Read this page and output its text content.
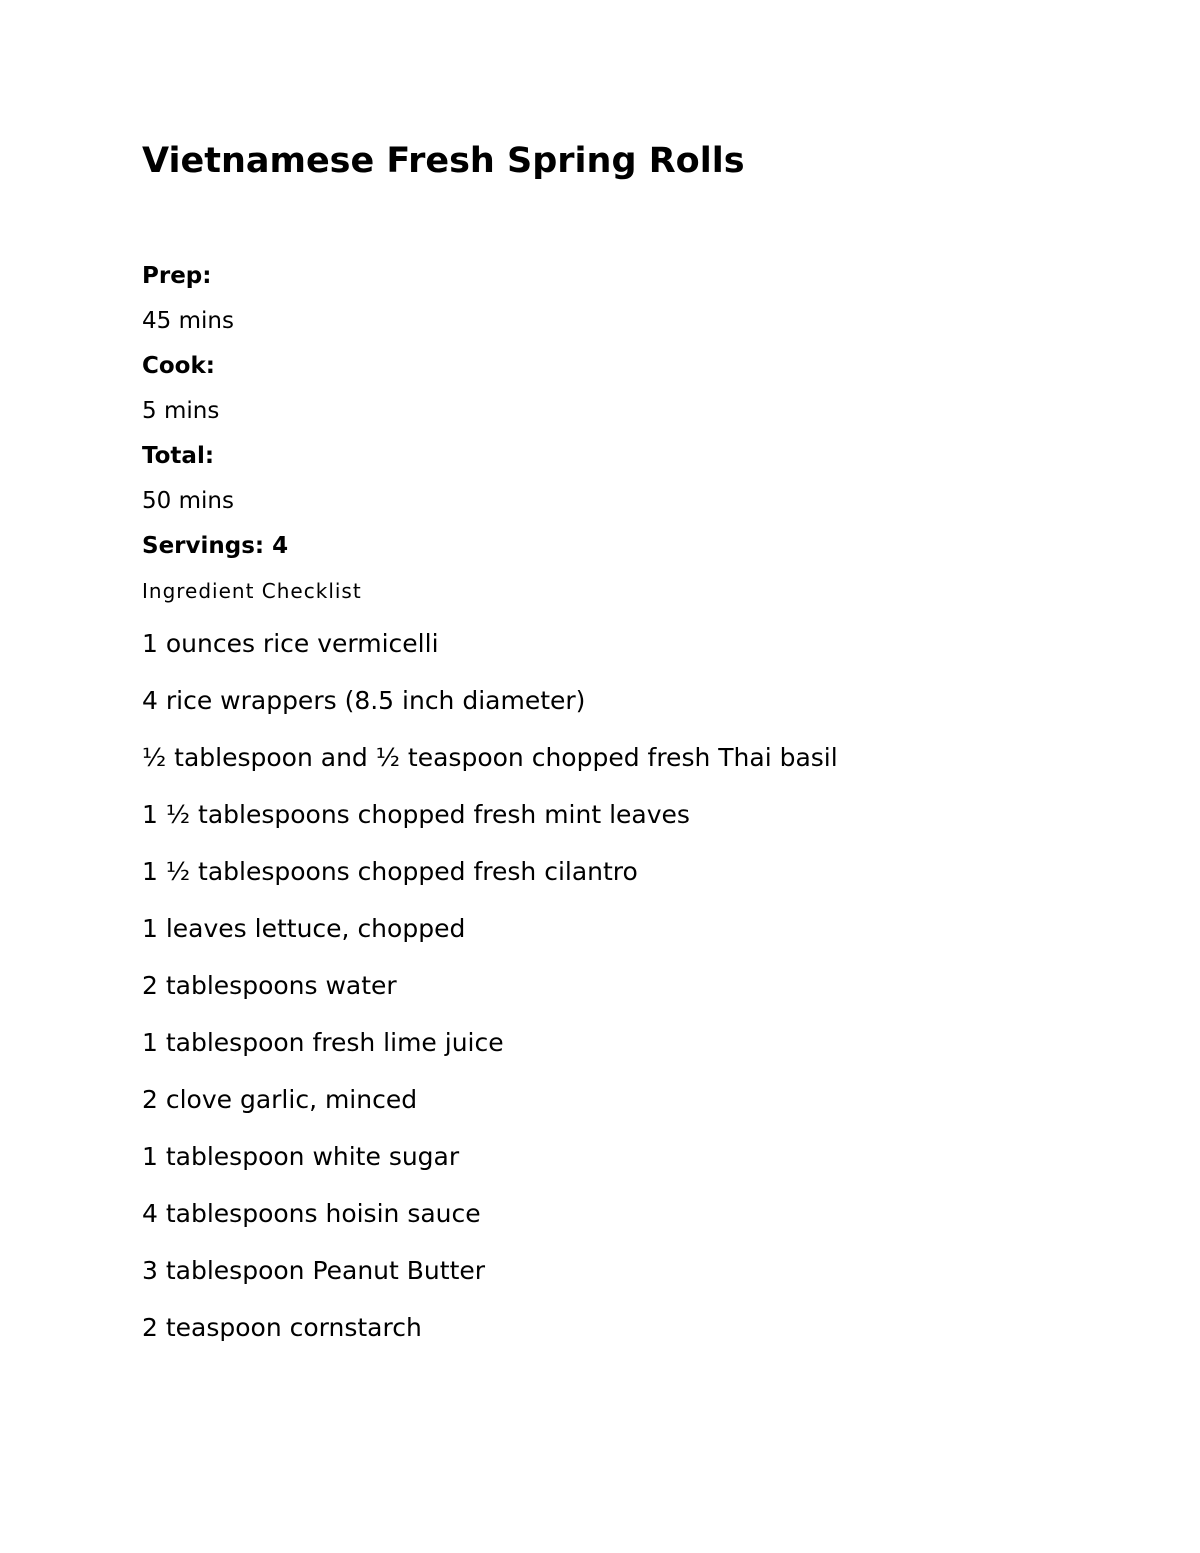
Vietnamese Fresh Spring Rolls
Prep:
45 mins
Cook:
5 mins
Total:
50 mins
Servings: 4
Ingredient Checklist
1 ounces rice vermicelli
4 rice wrappers (8.5 inch diameter)
½ tablespoon and ½ teaspoon chopped fresh Thai basil
1 ½ tablespoons chopped fresh mint leaves
1 ½ tablespoons chopped fresh cilantro
1 leaves lettuce, chopped
2 tablespoons water
1 tablespoon fresh lime juice
2 clove garlic, minced
1 tablespoon white sugar
4 tablespoons hoisin sauce
3 tablespoon Peanut Butter
2 teaspoon cornstarch
